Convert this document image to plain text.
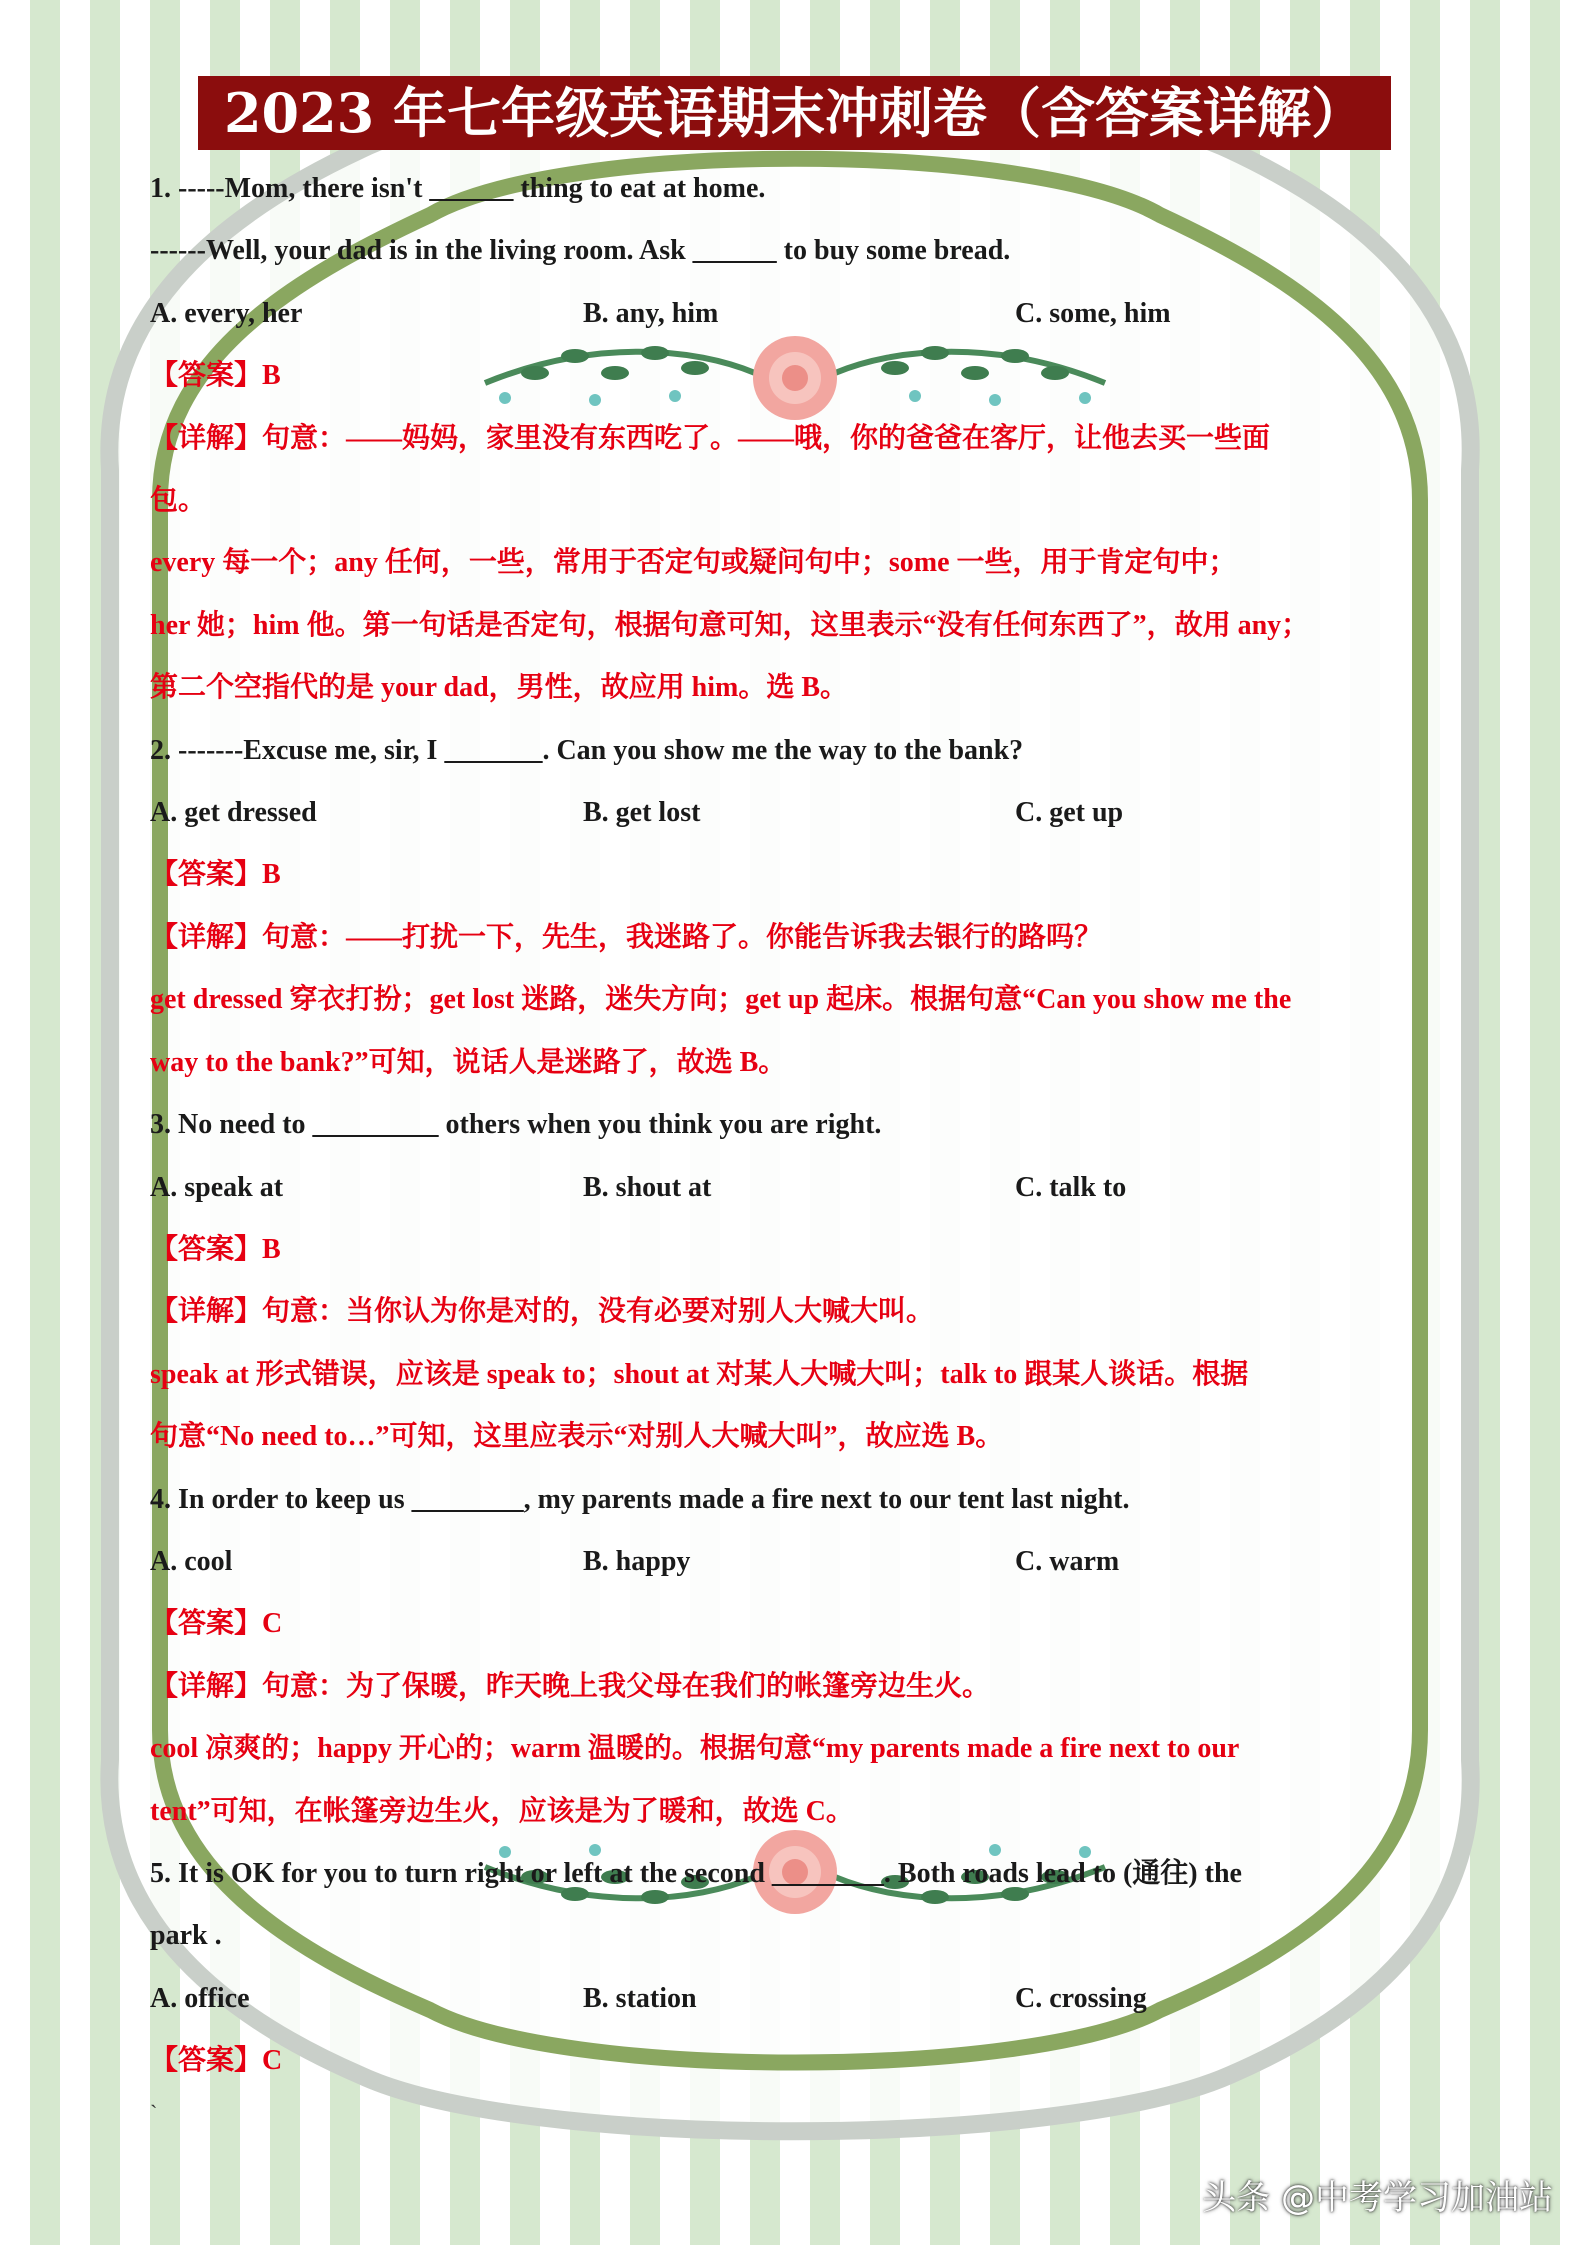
2023 年七年级英语期末冲刺卷（含答案详解）
1. -----Mom, there isn't ______ thing to eat at home.
------Well, your dad is in the living room. Ask ______ to buy some bread.
A. every, her	B. any, him	C. some, him
【答案】B
【详解】句意：——妈妈，家里没有东西吃了。——哦，你的爸爸在客厅，让他去买一些面
包。
every 每一个；any 任何，一些，常用于否定句或疑问句中；some 一些，用于肯定句中；
her 她；him 他。第一句话是否定句，根据句意可知，这里表示“没有任何东西了”，故用 any；
第二个空指代的是 your dad，男性，故应用 him。选 B。
2. -------Excuse me, sir, I _______. Can you show me the way to the bank?
A. get dressed	B. get lost	C. get up
【答案】B
【详解】句意：——打扰一下，先生，我迷路了。你能告诉我去银行的路吗？
get dressed 穿衣打扮；get lost 迷路，迷失方向；get up 起床。根据句意“Can you show me the
way to the bank?”可知，说话人是迷路了，故选 B。
3. No need to _________ others when you think you are right.
A. speak at	B. shout at	C. talk to
【答案】B
【详解】句意：当你认为你是对的，没有必要对别人大喊大叫。
speak at 形式错误，应该是 speak to；shout at 对某人大喊大叫；talk to 跟某人谈话。根据
句意“No need to…”可知，这里应表示“对别人大喊大叫”，故应选 B。
4. In order to keep us ________, my parents made a fire next to our tent last night.
A. cool	B. happy	C. warm
【答案】C
【详解】句意：为了保暖，昨天晚上我父母在我们的帐篷旁边生火。
cool 凉爽的；happy 开心的；warm 温暖的。根据句意“my parents made a fire next to our
tent”可知，在帐篷旁边生火，应该是为了暖和，故选 C。
5. It is OK for you to turn right or left at the second ________. Both roads lead to (通往) the
park .
A. office	B. station	C. crossing
【答案】C
`
头条 @中考学习加油站
